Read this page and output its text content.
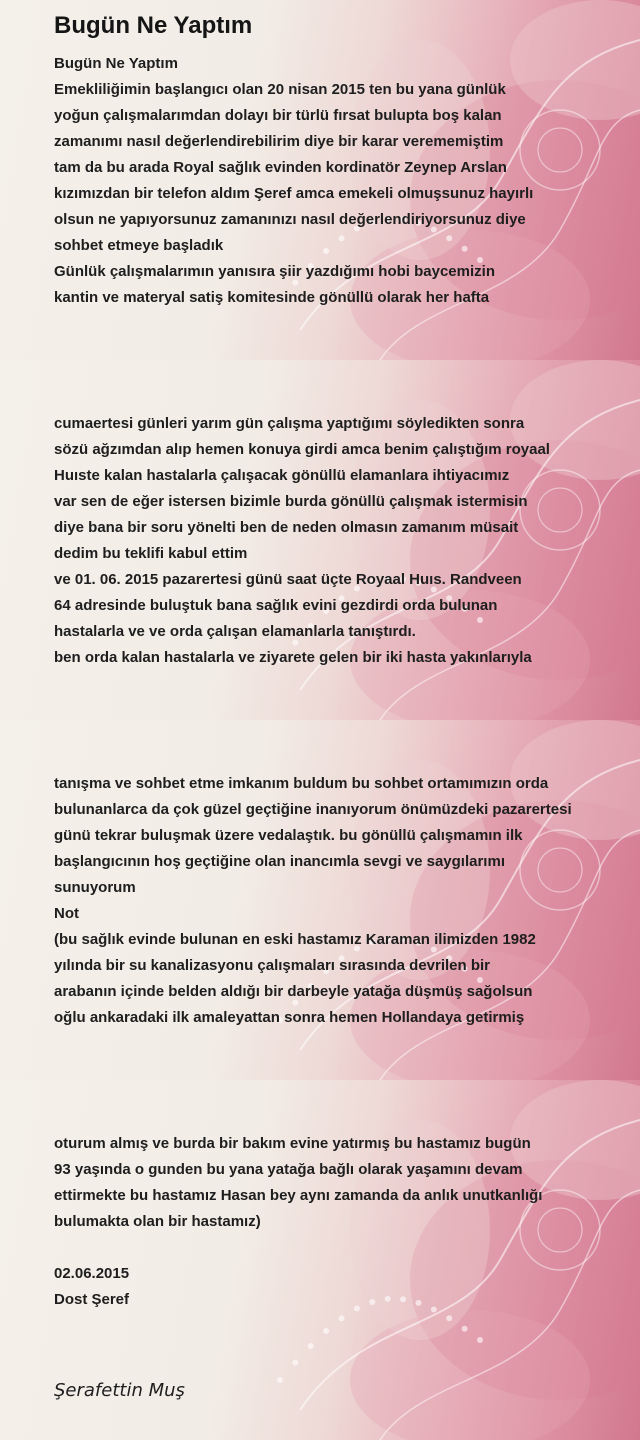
Bugün Ne Yaptım

Bugün Ne Yaptım

Emekliliğimin başlangıcı olan 20 nisan 2015 ten bu yana günlük

yoğun çalışmalarımdan dolayı bir türlü fırsat buluptа boş kalan

zamanımı nasıl değerlendirebilirim diye bir karar verememiştim

tam da bu arada Royal sağlık evinden kordinatör Zeynep Arslan

kızımızdan bir telefon aldım Şeref amca emekeli olmuşsunuz hayırlı

olsun ne yapıyorsunuz zamanınızı nasıl değerlendiriyorsunuz diye

sohbet etmeye başladık

Günlük çalışmalarımın yanısıra şiir yazdığımı hobi baycemizin

kantin ve materyal satiş komitesinde gönüllü olarak her hafta

cumaertesi günleri yarım gün çalışma yaptığımı söyledikten sonra

sözü ağzımdan alıp hemen konuya girdi amca benim çalıştığım royaal

Huıste kalan hastalarla çalışacak gönüllü elamanlara ihtiyacımız

var sen de eğer istersen bizimle burda gönüllü çalışmak istermisin

diye bana bir soru yönelti ben de neden olmasın zamanım müsait

dedim bu teklifi kabul ettim

ve 01. 06. 2015 pazarertesi günü saat üçte Royaal Huıs. Randveen

64 adresinde buluştuk bana sağlık evini gezdirdi orda bulunan

hastalarla ve ve orda çalışan elamanlarla tanıştırdı.

ben orda kalan hastalarla ve ziyarete gelen bir iki hasta yakınlarıyla

tanışma ve sohbet etme imkanım buldum bu sohbet ortamımızın orda

bulunanlarca da çok güzel geçtiğine inanıyorum önümüzdeki pazarertesi

günü tekrar buluşmak üzere vedalaştık. bu gönüllü çalışmamın ilk

başlangıcının hoş geçtiğine olan inancımla sevgi ve saygılarımı

sunuyorum

Not

(bu sağlık evinde bulunan en eski hastamız Karaman ilimizden 1982

yılında bir su kanalizasyonu çalışmaları sırasında devrilen bir

arabanın içinde belden aldığı bir darbeyle yatağa düşmüş sağolsun

oğlu ankaradaki ilk amaleyattan sonra hemen Hollandaya getirmiş

oturum almış ve burda bir bakım evine yatırmış bu hastamız bugün

93 yaşında o gunden bu yana yatağa bağlı olarak yaşamını devam

ettirmekte bu hastamız Hasan bey aynı zamanda da anlık unutkanlığı

bulumakta olan bir hastamız)

02.06.2015

Dost Şeref

Şerafettin Muş
